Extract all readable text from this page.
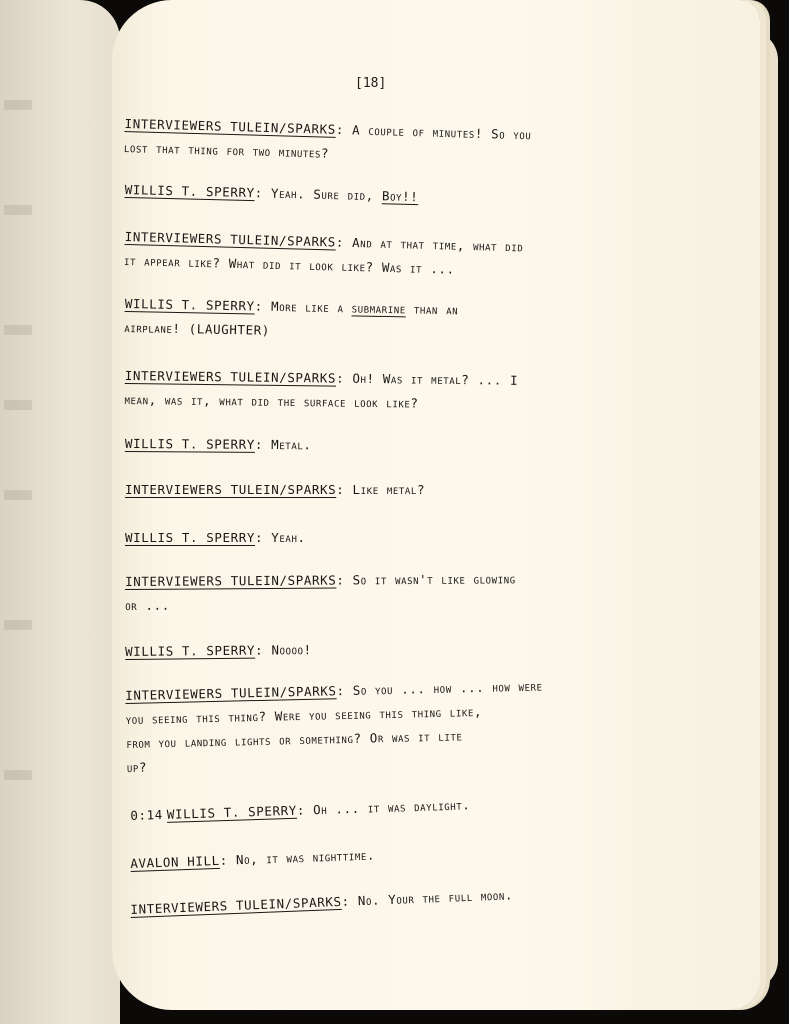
[18]
INTERVIEWERS TULEIN/SPARKS: A couple of minutes! So you
lost that thing for two minutes?
WILLIS T. SPERRY: Yeah. Sure did, Boy!!
INTERVIEWERS TULEIN/SPARKS: And at that time, what did
it appear like? What did it look like? Was it ...
WILLIS T. SPERRY: More like a submarine than an
airplane! (LAUGHTER)
INTERVIEWERS TULEIN/SPARKS: Oh! Was it metal? ... I
mean, was it, what did the surface look like?
WILLIS T. SPERRY: Metal.
INTERVIEWERS TULEIN/SPARKS: Like metal?
WILLIS T. SPERRY: Yeah.
INTERVIEWERS TULEIN/SPARKS: So it wasn't like glowing
or ...
WILLIS T. SPERRY: Noooo!
INTERVIEWERS TULEIN/SPARKS: So you ... how ... how were
you seeing this thing? Were you seeing this thing like,
from you landing lights or something? Or was it lite
up?
0:14 WILLIS T. SPERRY: Oh ... it was daylight.
AVALON HILL: No, it was nighttime.
INTERVIEWERS TULEIN/SPARKS: No. Your the full moon.
